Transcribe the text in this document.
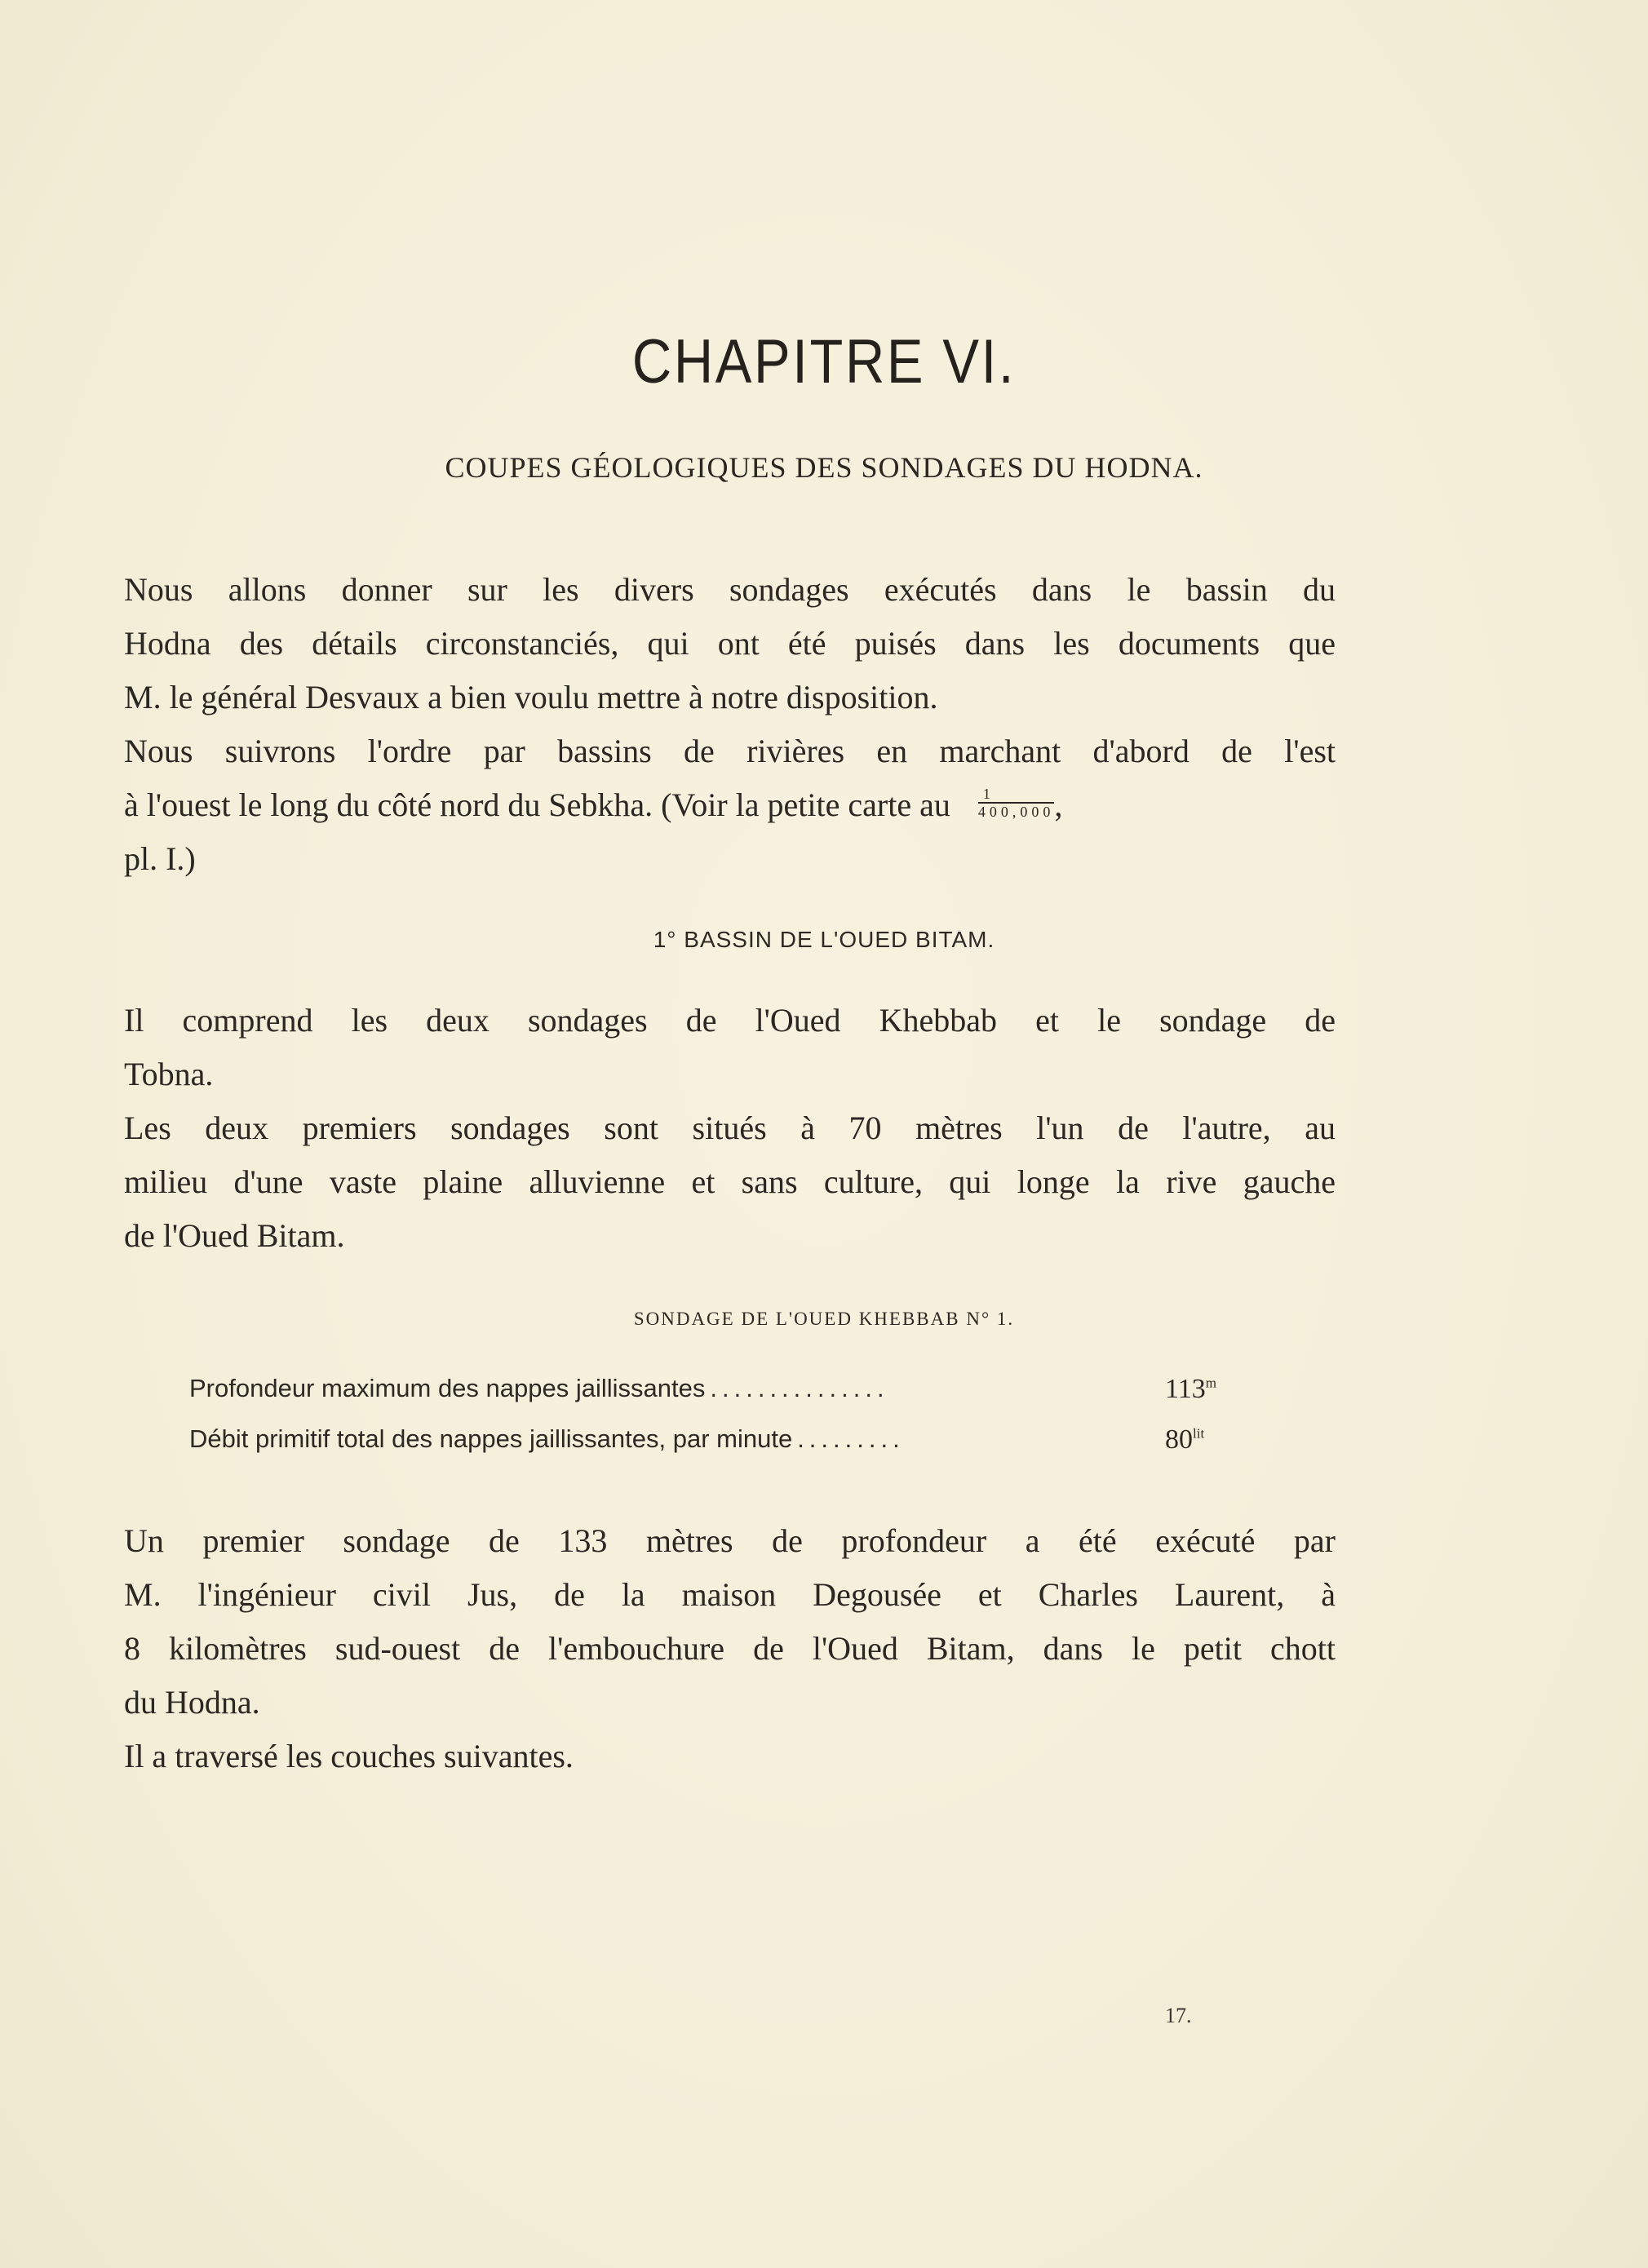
CHAPITRE VI.
COUPES GÉOLOGIQUES DES SONDAGES DU HODNA.
Nous allons donner sur les divers sondages exécutés dans le bassin du
Hodna des détails circonstanciés, qui ont été puisés dans les documents que
M. le général Desvaux a bien voulu mettre à notre disposition.
Nous suivrons l'ordre par bassins de rivières en marchant d'abord de l'est
à l'ouest le long du côté nord du Sebkha. (Voir la petite carte au $\frac{1}{400,000}$ ,
pl. I.)
1° BASSIN DE L'OUED BITAM.
Il comprend les deux sondages de l'Oued Khebbab et le sondage de
Tobna.
Les deux premiers sondages sont situés à 70 mètres l'un de l'autre, au
milieu d'une vaste plaine alluvienne et sans culture, qui longe la rive gauche
de l'Oued Bitam.
SONDAGE DE L'OUED KHEBBAB N° 1.
Profondeur maximum des nappes jaillissantes ...............	113$^m$
Débit primitif total des nappes jaillissantes, par minute .........	$80^{lit}$
Un premier sondage de 133 mètres de profondeur a été exécuté par
M. l'ingénieur civil Jus, de la maison Degousée et Charles Laurent, à
8 kilomètres sud-ouest de l'embouchure de l'Oued Bitam, dans le petit chott
du Hodna.
Il a traversé les couches suivantes.
17.
